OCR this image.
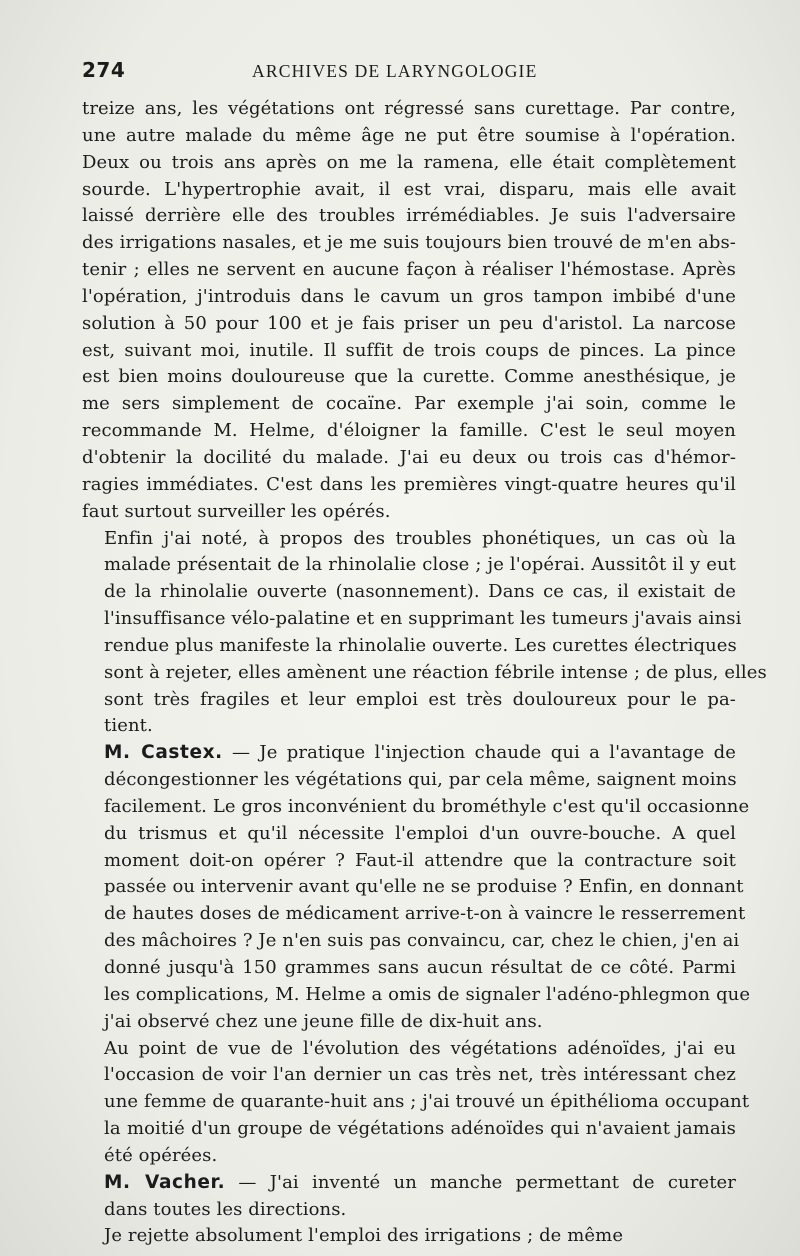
274	ARCHIVES DE LARYNGOLOGIE

treize ans, les végétations ont régressé sans curettage. Par contre,
une autre malade du même âge ne put être soumise à l'opération.
Deux ou trois ans après on me la ramena, elle était complètement
sourde. L'hypertrophie avait, il est vrai, disparu, mais elle avait
laissé derrière elle des troubles irrémédiables. Je suis l'adversaire
des irrigations nasales, et je me suis toujours bien trouvé de m'en abs-
tenir ; elles ne servent en aucune façon à réaliser l'hémostase. Après
l'opération, j'introduis dans le cavum un gros tampon imbibé d'une
solution à 50 pour 100 et je fais priser un peu d'aristol. La narcose
est, suivant moi, inutile. Il suffit de trois coups de pinces. La pince
est bien moins douloureuse que la curette. Comme anesthésique, je
me sers simplement de cocaïne. Par exemple j'ai soin, comme le
recommande M. Helme, d'éloigner la famille. C'est le seul moyen
d'obtenir la docilité du malade. J'ai eu deux ou trois cas d'hémor-
ragies immédiates. C'est dans les premières vingt-quatre heures qu'il
faut surtout surveiller les opérés.

Enfin j'ai noté, à propos des troubles phonétiques, un cas où la
malade présentait de la rhinolalie close ; je l'opérai. Aussitôt il y eut
de la rhinolalie ouverte (nasonnement). Dans ce cas, il existait de
l'insuffisance vélo-palatine et en supprimant les tumeurs j'avais ainsi
rendue plus manifeste la rhinolalie ouverte. Les curettes électriques
sont à rejeter, elles amènent une réaction fébrile intense ; de plus, elles
sont très fragiles et leur emploi est très douloureux pour le pa-
tient.

M. Castex. — Je pratique l'injection chaude qui a l'avantage de
décongestionner les végétations qui, par cela même, saignent moins
facilement. Le gros inconvénient du brométhyle c'est qu'il occasionne
du trismus et qu'il nécessite l'emploi d'un ouvre-bouche. A quel
moment doit-on opérer ? Faut-il attendre que la contracture soit
passée ou intervenir avant qu'elle ne se produise ? Enfin, en donnant
de hautes doses de médicament arrive-t-on à vaincre le resserrement
des mâchoires ? Je n'en suis pas convaincu, car, chez le chien, j'en ai
donné jusqu'à 150 grammes sans aucun résultat de ce côté. Parmi
les complications, M. Helme a omis de signaler l'adéno-phlegmon que
j'ai observé chez une jeune fille de dix-huit ans.

Au point de vue de l'évolution des végétations adénoïdes, j'ai eu
l'occasion de voir l'an dernier un cas très net, très intéressant chez
une femme de quarante-huit ans ; j'ai trouvé un épithélioma occupant
la moitié d'un groupe de végétations adénoïdes qui n'avaient jamais
été opérées.

M. Vacher. — J'ai inventé un manche permettant de cureter
dans toutes les directions.

Je rejette absolument l'emploi des irrigations ; de même
